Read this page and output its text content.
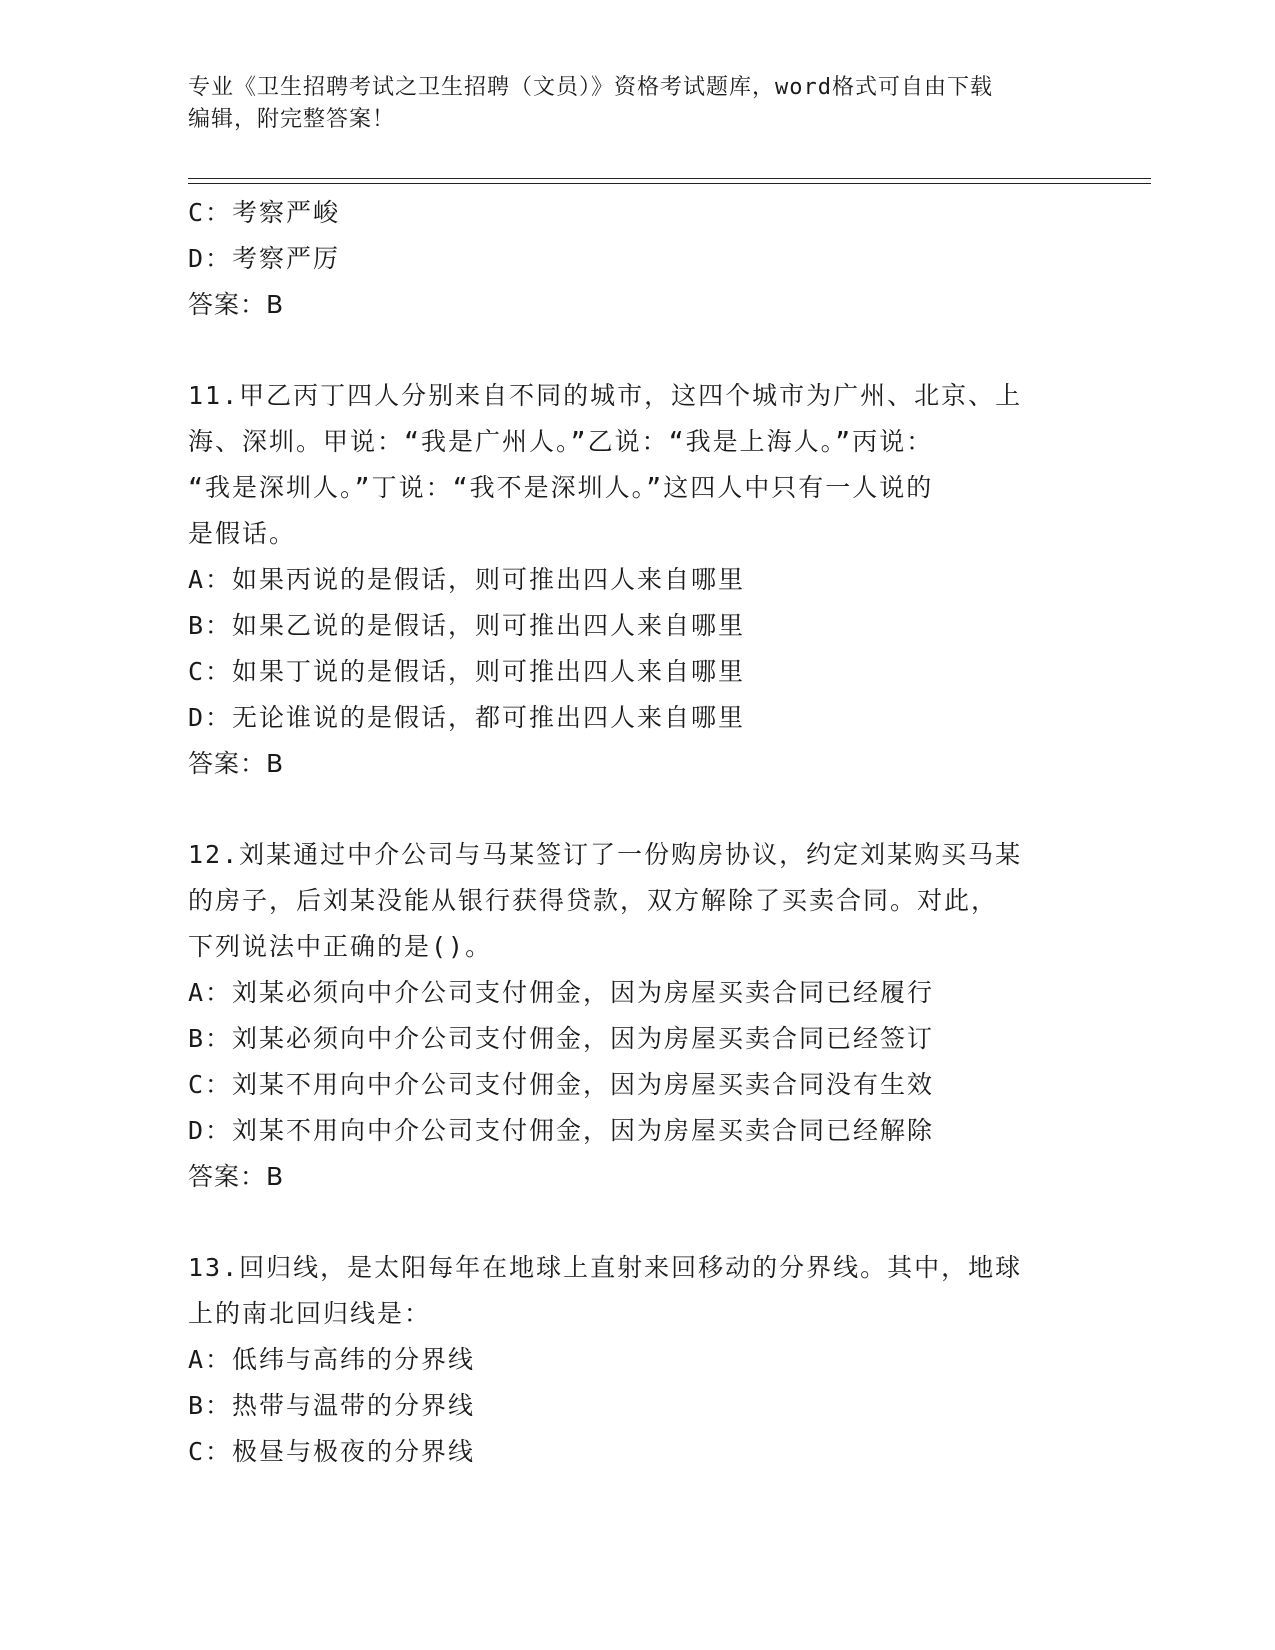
专业《卫生招聘考试之卫生招聘（文员）》资格考试题库，word格式可自由下载
编辑，附完整答案！
C：考察严峻
D：考察严厉
答案：B
11.甲乙丙丁四人分别来自不同的城市，这四个城市为广州、北京、上
海、深圳。甲说：“我是广州人。”乙说：“我是上海人。”丙说：
“我是深圳人。”丁说：“我不是深圳人。”这四人中只有一人说的
是假话。
A：如果丙说的是假话，则可推出四人来自哪里
B：如果乙说的是假话，则可推出四人来自哪里
C：如果丁说的是假话，则可推出四人来自哪里
D：无论谁说的是假话，都可推出四人来自哪里
答案：B
12.刘某通过中介公司与马某签订了一份购房协议，约定刘某购买马某
的房子，后刘某没能从银行获得贷款，双方解除了买卖合同。对此，
下列说法中正确的是()。
A：刘某必须向中介公司支付佣金，因为房屋买卖合同已经履行
B：刘某必须向中介公司支付佣金，因为房屋买卖合同已经签订
C：刘某不用向中介公司支付佣金，因为房屋买卖合同没有生效
D：刘某不用向中介公司支付佣金，因为房屋买卖合同已经解除
答案：B
13.回归线，是太阳每年在地球上直射来回移动的分界线。其中，地球
上的南北回归线是：
A：低纬与高纬的分界线
B：热带与温带的分界线
C：极昼与极夜的分界线
